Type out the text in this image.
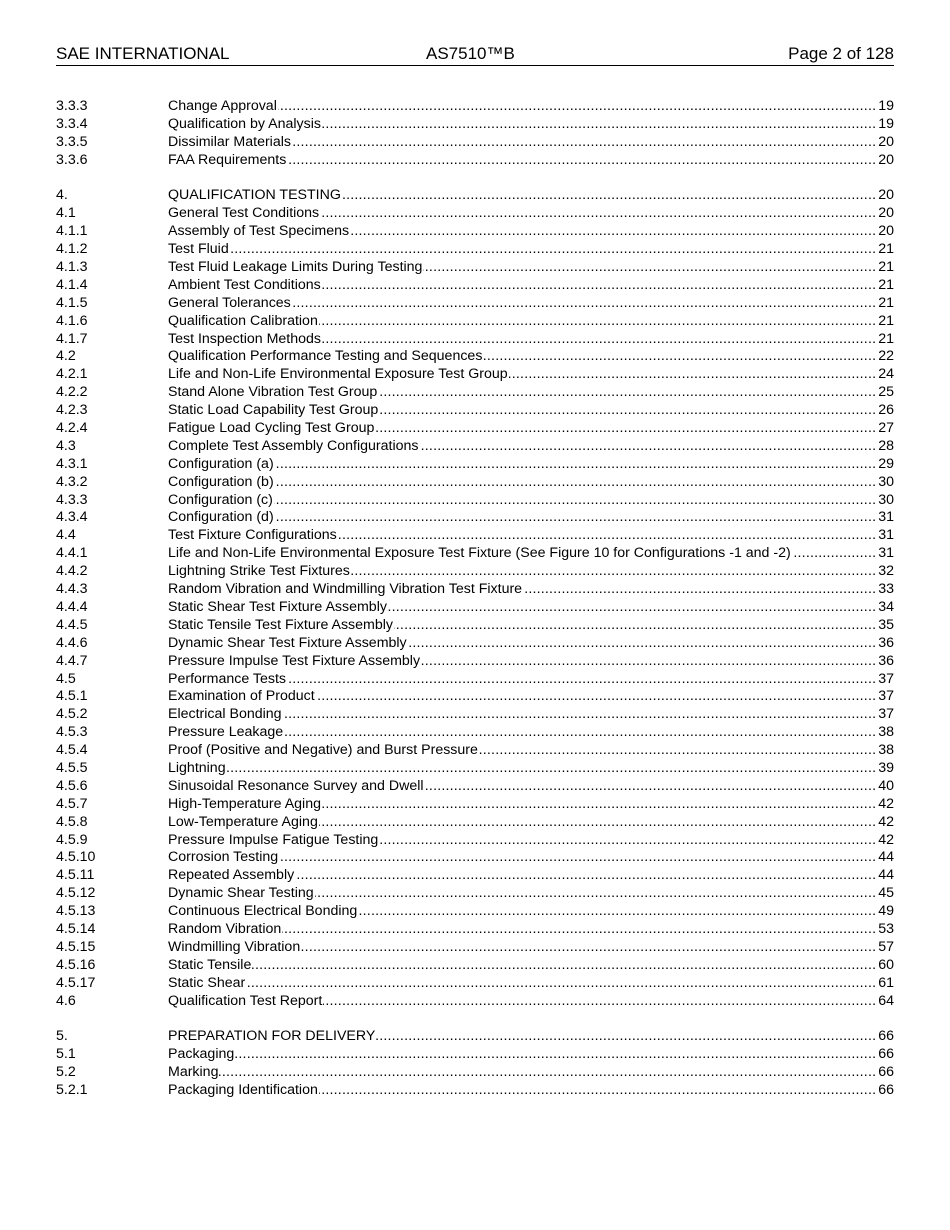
SAE INTERNATIONAL	AS7510™B	Page 2 of 128
3.3.3	..... Change Approval	19
3.3.4	..... Qualification by Analysis	19
3.3.5	..... Dissimilar Materials	20
3.3.6	..... FAA Requirements	20
4.	..... QUALIFICATION TESTING	20
4.1	..... General Test Conditions	20
4.1.1	..... Assembly of Test Specimens	20
4.1.2	..... Test Fluid	21
4.1.3	..... Test Fluid Leakage Limits During Testing	21
4.1.4	..... Ambient Test Conditions	21
4.1.5	..... General Tolerances	21
4.1.6	..... Qualification Calibration	21
4.1.7	..... Test Inspection Methods	21
4.2	..... Qualification Performance Testing and Sequences	22
4.2.1	..... Life and Non-Life Environmental Exposure Test Group	24
4.2.2	..... Stand Alone Vibration Test Group	25
4.2.3	..... Static Load Capability Test Group	26
4.2.4	..... Fatigue Load Cycling Test Group	27
4.3	..... Complete Test Assembly Configurations	28
4.3.1	..... Configuration (a)	29
4.3.2	..... Configuration (b)	30
4.3.3	..... Configuration (c)	30
4.3.4	..... Configuration (d)	31
4.4	..... Test Fixture Configurations	31
4.4.1	..... Life and Non-Life Environmental Exposure Test Fixture (See Figure 10 for Configurations -1 and -2)	31
4.4.2	..... Lightning Strike Test Fixtures	32
4.4.3	..... Random Vibration and Windmilling Vibration Test Fixture	33
4.4.4	..... Static Shear Test Fixture Assembly	34
4.4.5	..... Static Tensile Test Fixture Assembly	35
4.4.6	..... Dynamic Shear Test Fixture Assembly	36
4.4.7	..... Pressure Impulse Test Fixture Assembly	36
4.5	..... Performance Tests	37
4.5.1	..... Examination of Product	37
4.5.2	..... Electrical Bonding	37
4.5.3	..... Pressure Leakage	38
4.5.4	..... Proof (Positive and Negative) and Burst Pressure	38
4.5.5	..... Lightning	39
4.5.6	..... Sinusoidal Resonance Survey and Dwell	40
4.5.7	..... High-Temperature Aging	42
4.5.8	..... Low-Temperature Aging	42
4.5.9	..... Pressure Impulse Fatigue Testing	42
4.5.10	..... Corrosion Testing	44
4.5.11	..... Repeated Assembly	44
4.5.12	..... Dynamic Shear Testing	45
4.5.13	..... Continuous Electrical Bonding	49
4.5.14	..... Random Vibration	53
4.5.15	..... Windmilling Vibration	57
4.5.16	..... Static Tensile	60
4.5.17	..... Static Shear	61
4.6	..... Qualification Test Report	64
5.	..... PREPARATION FOR DELIVERY	66
5.1	..... Packaging	66
5.2	..... Marking	66
5.2.1	..... Packaging Identification	66
